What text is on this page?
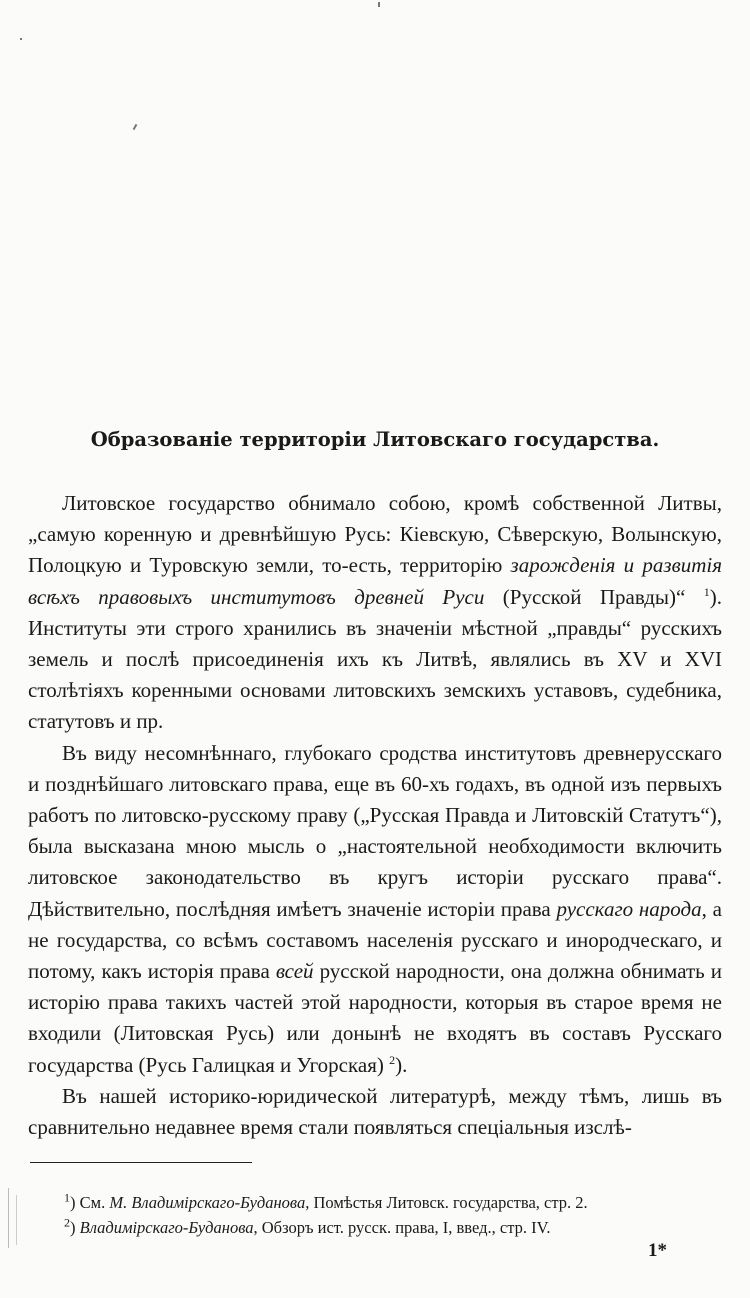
Образованіе территоріи Литовскаго государства.

Литовское государство обнимало собою, кромѣ собственной Литвы, „самую коренную и древнѣйшую Русь: Кіевскую, Сѣверскую, Волынскую, Полоцкую и Туровскую земли, то-есть, территорію зарожденія и развитія всѣхъ правовыхъ институтовъ древней Руси (Русской Правды)“ $^1$). Институты эти строго хранились въ значеніи мѣстной „правды“ русскихъ земель и послѣ присоединенія ихъ къ Литвѣ, являлись въ XV и XVI столѣтіяхъ коренными основами литовскихъ земскихъ уставовъ, судебника, статутовъ и пр.

Въ виду несомнѣннаго, глубокаго сродства институтовъ древнерусскаго и позднѣйшаго литовскаго права, еще въ 60-хъ годахъ, въ одной изъ первыхъ работъ по литовско-русскому праву („Русская Правда и Литовскій Статутъ“), была высказана мною мысль о „настоятельной необходимости включить литовское законодательство въ кругъ исторіи русскаго права“. Дѣйствительно, послѣдняя имѣетъ значеніе исторіи права русскаго народа, а не государства, со всѣмъ составомъ населенія русскаго и инородческаго, и потому, какъ исторія права всей русской народности, она должна обнимать и исторію права такихъ частей этой народности, которыя въ старое время не входили (Литовская Русь) или донынѣ не входятъ въ составъ Русскаго государства (Русь Галицкая и Угорская) $^2$).

Въ нашей историко-юридической литературѣ, между тѣмъ, лишь въ сравнительно недавнее время стали появляться спеціальныя изслѣ-

$^1$) См. М. Владимірскаго-Буданова, Помѣстья Литовск. государства, стр. 2.
$^2$) Владимірскаго-Буданова, Обзоръ ист. русск. права, I, введ., стр. IV.
1*
